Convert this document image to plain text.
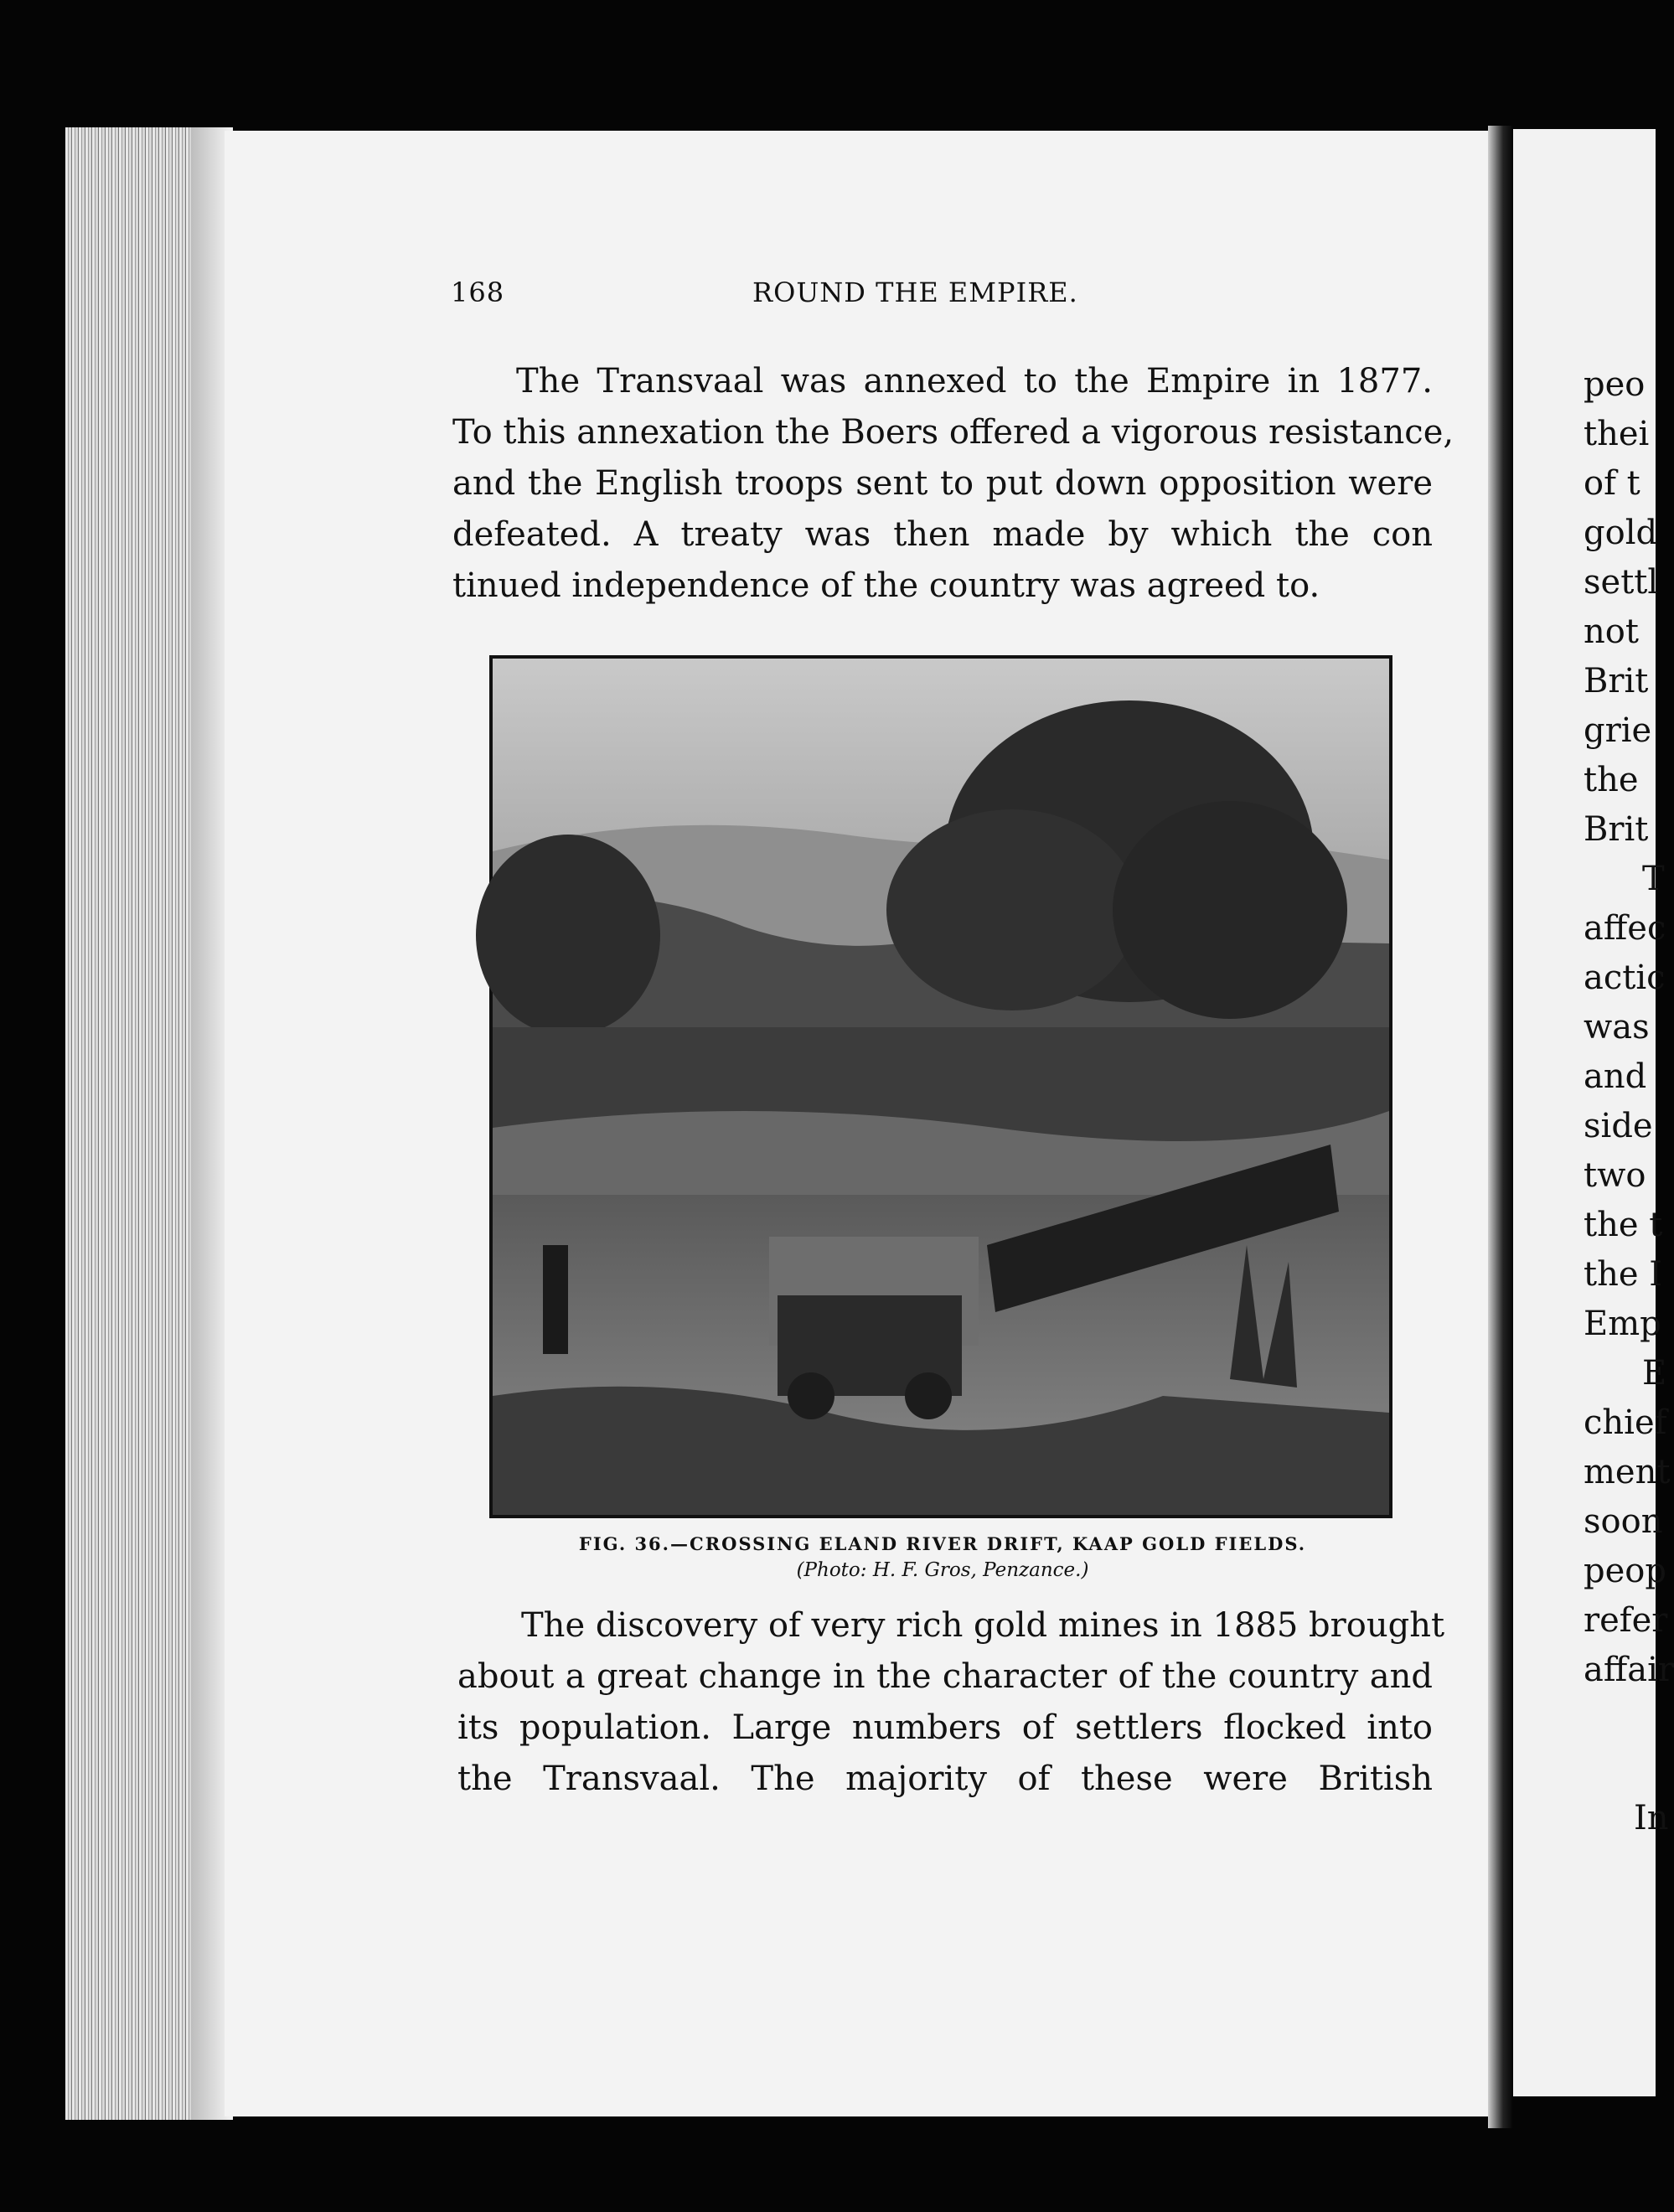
168	ROUND THE EMPIRE.

The Transvaal was annexed to the Empire in 1877.
To this annexation the Boers offered a vigorous resistance,
and the English troops sent to put down opposition were
defeated. A treaty was then made by which the con
tinued independence of the country was agreed to.

FIG. 36.—CROSSING ELAND RIVER DRIFT, KAAP GOLD FIELDS.
(Photo: H. F. Gros, Penzance.)

The discovery of very rich gold mines in 1885 brought
about a great change in the character of the country and
its population. Large numbers of settlers flocked into
the Transvaal. The majority of these were British

peo
thei
of t
gold
settl
not
Brit
grie
the
Brit
T
affec
actic
was
and
side
two
the t
the I
Emp
E
chief
ment
soon
peop
refer
affair
In
